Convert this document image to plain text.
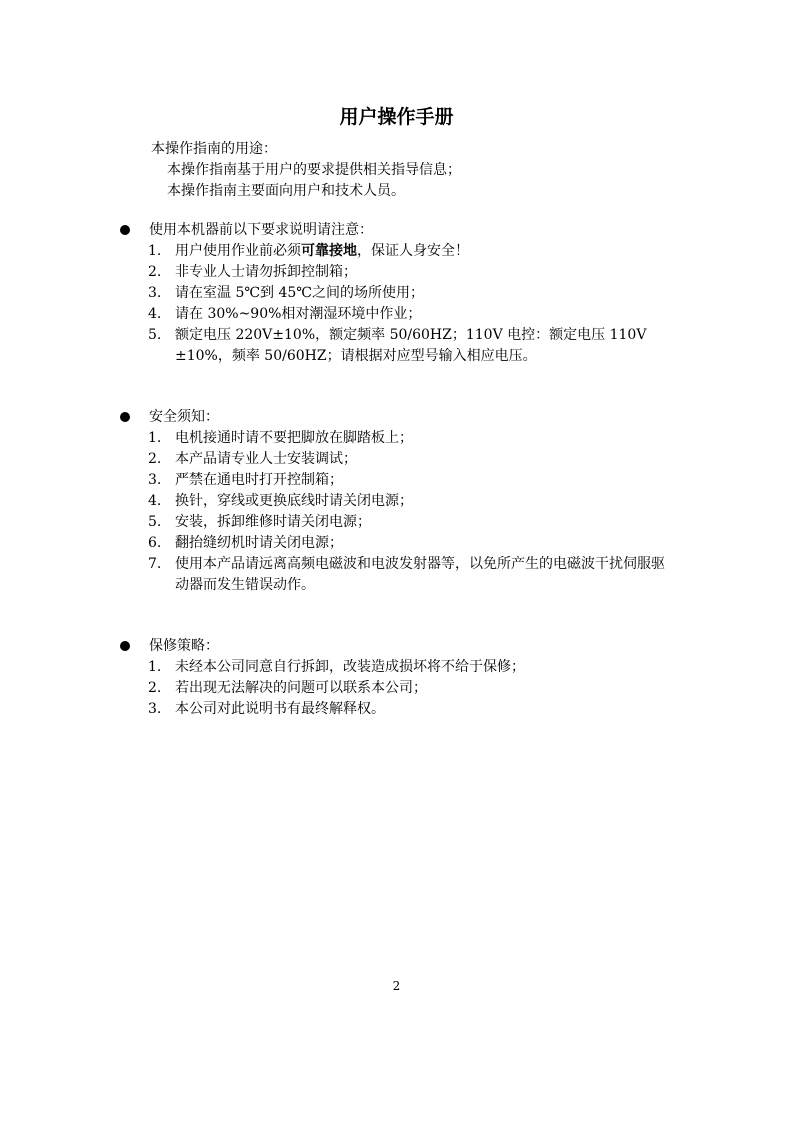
用户操作手册

本操作指南的用途：

本操作指南基于用户的要求提供相关指导信息；

本操作指南主要面向用户和技术人员。

使用本机器前以下要求说明请注意：
1. 用户使用作业前必须可靠接地，保证人身安全！
2. 非专业人士请勿拆卸控制箱；
3. 请在室温 5℃到 45℃之间的场所使用；
4. 请在 30%~90%相对潮湿环境中作业；
5. 额定电压 220V±10%，额定频率 50/60HZ；110V 电控：额定电压 110V ±10%，频率 50/60HZ；请根据对应型号输入相应电压。
安全须知：
1. 电机接通时请不要把脚放在脚踏板上；
2. 本产品请专业人士安装调试；
3. 严禁在通电时打开控制箱；
4. 换针，穿线或更换底线时请关闭电源；
5. 安装，拆卸维修时请关闭电源；
6. 翻抬缝纫机时请关闭电源；
7. 使用本产品请远离高频电磁波和电波发射器等，以免所产生的电磁波干扰伺服驱动器而发生错误动作。
保修策略：
1. 未经本公司同意自行拆卸，改装造成损坏将不给于保修；
2. 若出现无法解决的问题可以联系本公司；
3. 本公司对此说明书有最终解释权。
2
